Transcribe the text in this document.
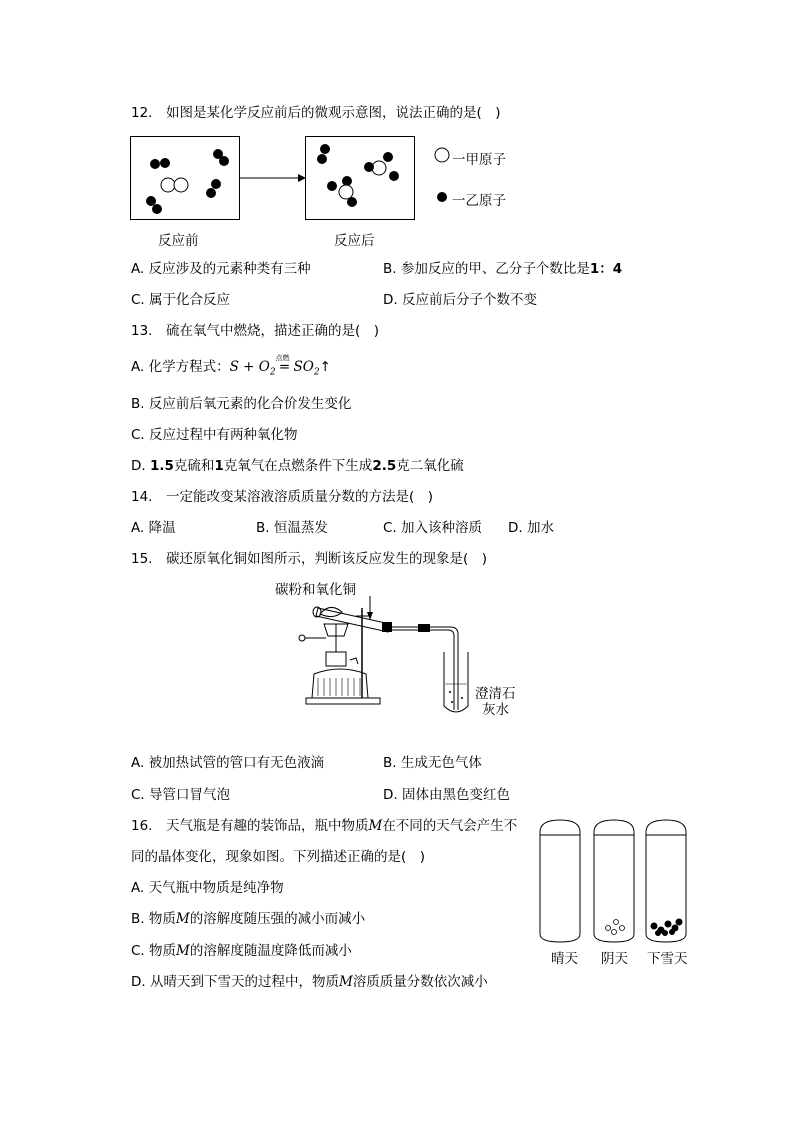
12.　如图是某化学反应前后的微观示意图，说法正确的是(　)
反应前	反应后
一甲原子
一乙原子
A. 反应涉及的元素种类有三种	B. 参加反应的甲、乙分子个数比是1：4
C. 属于化合反应	D. 反应前后分子个数不变
13.　硫在氧气中燃烧，描述正确的是(　)
A. 化学方程式：$S + O_2$
点燃
= $SO_2↑$
B. 反应前后氧元素的化合价发生变化
C. 反应过程中有两种氧化物
D. 1.5克硫和1克氧气在点燃条件下生成2.5克二氧化硫
14.　一定能改变某溶液溶质质量分数的方法是(　)
A. 降温	B. 恒温蒸发	C. 加入该种溶质 D. 加水
15.　碳还原氧化铜如图所示，判断该反应发生的现象是(　)
碳粉和氧化铜
澄清石
灰水
A. 被加热试管的管口有无色液滴	B. 生成无色气体
C. 导管口冒气泡	D. 固体由黑色变红色
16.　天气瓶是有趣的装饰品，瓶中物质M在不同的天气会产生不
同的晶体变化，现象如图。下列描述正确的是(　)
A. 天气瓶中物质是纯净物
B. 物质M的溶解度随压强的减小而减小
C. 物质M的溶解度随温度降低而减小
D. 从晴天到下雪天的过程中，物质M溶质质量分数依次减小
晴天 阴天 下雪天
